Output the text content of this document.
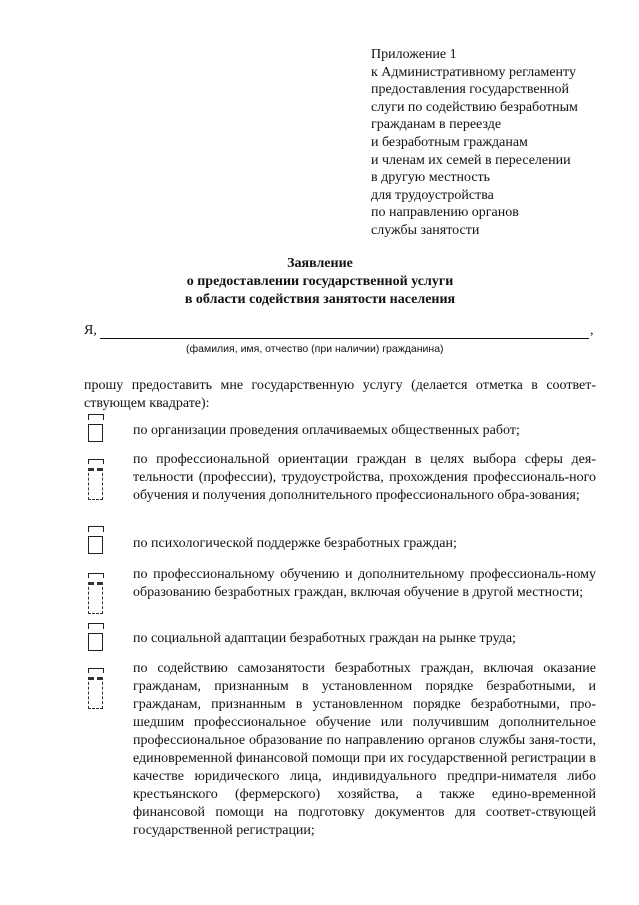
Приложение 1
к Административному регламенту
предоставления государственной
слуги по содействию безработным
гражданам в переезде
и безработным гражданам
и членам их семей в переселении
в другую местность
для трудоустройства
по направлению органов
службы занятости
Заявление
о предоставлении государственной услуги
в области содействия занятости населения
Я,	,
(фамилия, имя, отчество (при наличии) гражданина)
прошу предоставить мне государственную услугу (делается отметка в соответ-ствующем квадрате):
по организации проведения оплачиваемых общественных работ;
по профессиональной ориентации граждан в целях выбора сферы дея-тельности (профессии), трудоустройства, прохождения профессиональ-ного обучения и получения дополнительного профессионального обра-зования;
по психологической поддержке безработных граждан;
по профессиональному обучению и дополнительному профессиональ-ному образованию безработных граждан, включая обучение в другой местности;
по социальной адаптации безработных граждан на рынке труда;
по содействию самозанятости безработных граждан, включая оказание гражданам, признанным в установленном порядке безработными, и гражданам, признанным в установленном порядке безработными, про-шедшим профессиональное обучение или получившим дополнительное профессиональное образование по направлению органов службы заня-тости, единовременной финансовой помощи при их государственной регистрации в качестве юридического лица, индивидуального предпри-нимателя либо крестьянского (фермерского) хозяйства, а также едино-временной финансовой помощи на подготовку документов для соответ-ствующей государственной регистрации;
